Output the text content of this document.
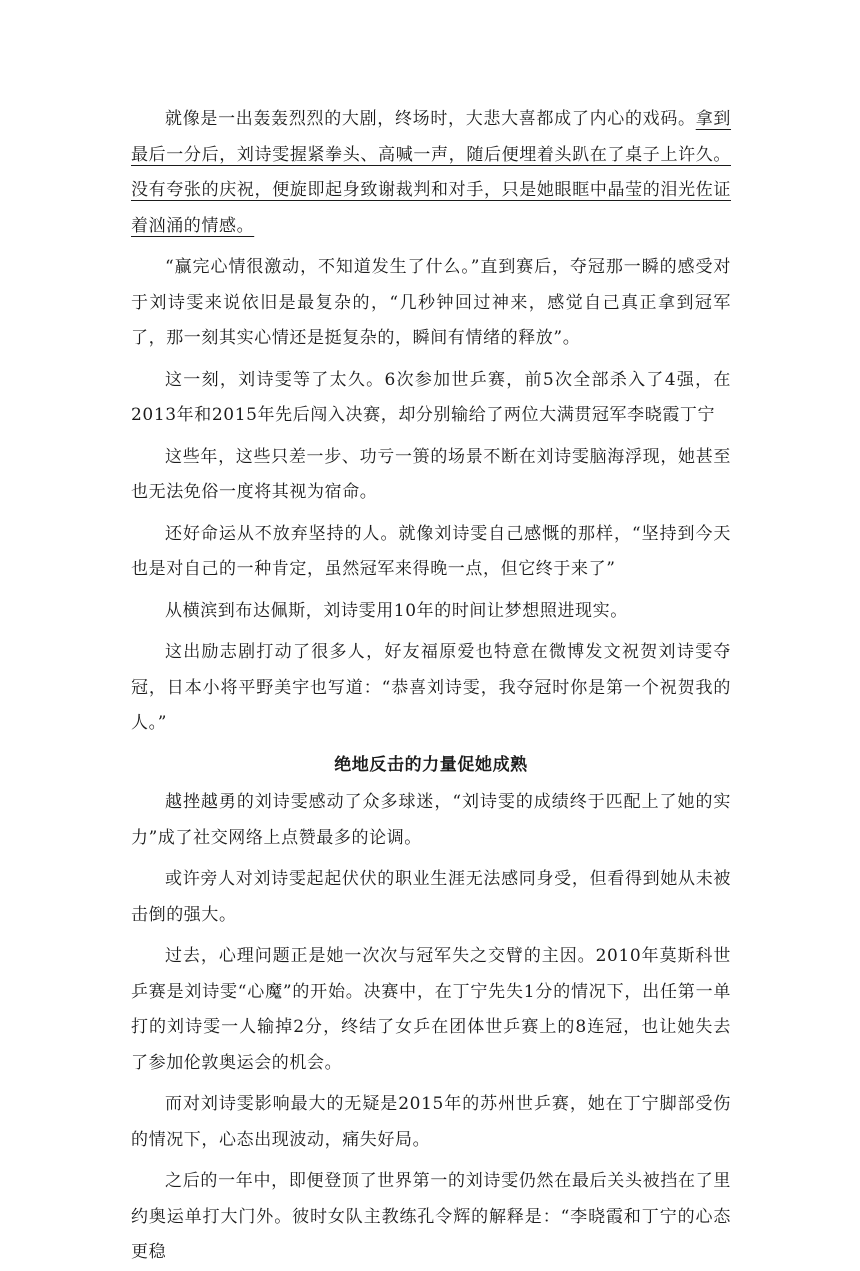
就像是一出轰轰烈烈的大剧，终场时，大悲大喜都成了内心的戏码。拿到最后一分后，刘诗雯握紧拳头、高喊一声，随后便埋着头趴在了桌子上许久。没有夸张的庆祝，便旋即起身致谢裁判和对手，只是她眼眶中晶莹的泪光佐证着汹涌的情感。

“赢完心情很激动，不知道发生了什么。”直到赛后，夺冠那一瞬的感受对于刘诗雯来说依旧是最复杂的，“几秒钟回过神来，感觉自己真正拿到冠军了，那一刻其实心情还是挺复杂的，瞬间有情绪的释放”。

这一刻，刘诗雯等了太久。6次参加世乒赛，前5次全部杀入了4强，在2013年和2015年先后闯入决赛，却分别输给了两位大满贯冠军李晓霞丁宁

这些年，这些只差一步、功亏一篑的场景不断在刘诗雯脑海浮现，她甚至也无法免俗一度将其视为宿命。

还好命运从不放弃坚持的人。就像刘诗雯自己感慨的那样，“坚持到今天也是对自己的一种肯定，虽然冠军来得晚一点，但它终于来了”

从横滨到布达佩斯，刘诗雯用10年的时间让梦想照进现实。

这出励志剧打动了很多人，好友福原爱也特意在微博发文祝贺刘诗雯夺冠，日本小将平野美宇也写道：“恭喜刘诗雯，我夺冠时你是第一个祝贺我的人。”

绝地反击的力量促她成熟

越挫越勇的刘诗雯感动了众多球迷，“刘诗雯的成绩终于匹配上了她的实力”成了社交网络上点赞最多的论调。

或许旁人对刘诗雯起起伏伏的职业生涯无法感同身受，但看得到她从未被击倒的强大。

过去，心理问题正是她一次次与冠军失之交臂的主因。2010年莫斯科世乒赛是刘诗雯“心魔”的开始。决赛中，在丁宁先失1分的情况下，出任第一单打的刘诗雯一人输掉2分，终结了女乒在团体世乒赛上的8连冠，也让她失去了参加伦敦奥运会的机会。

而对刘诗雯影响最大的无疑是2015年的苏州世乒赛，她在丁宁脚部受伤的情况下，心态出现波动，痛失好局。

之后的一年中，即便登顶了世界第一的刘诗雯仍然在最后关头被挡在了里约奥运单打大门外。彼时女队主教练孔令辉的解释是：“李晓霞和丁宁的心态更稳
